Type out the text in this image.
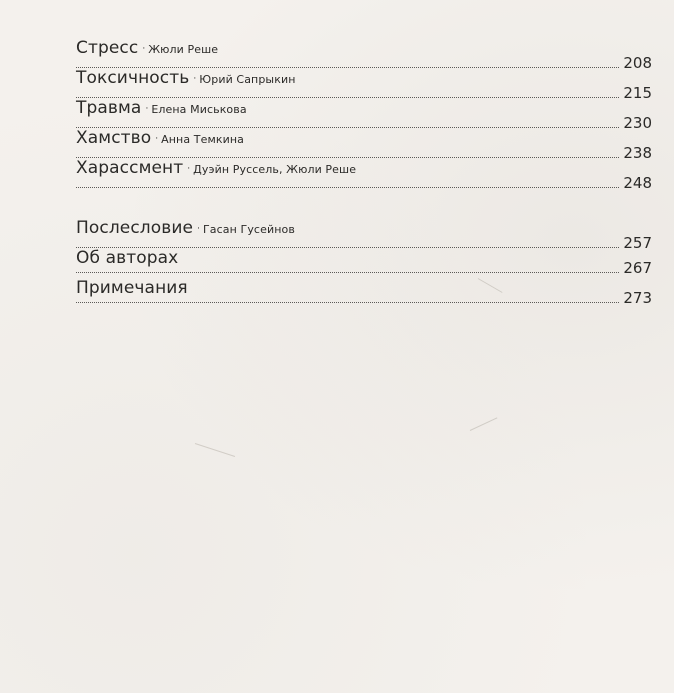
Стресс · Жюли Реше
208
Токсичность · Юрий Сапрыкин
215
Травма · Елена Миськова
230
Хамство · Анна Темкина
238
Харассмент · Дуэйн Руссель, Жюли Реше
248
Послесловие · Гасан Гусейнов
257
Об авторах	267
Примечания	273
